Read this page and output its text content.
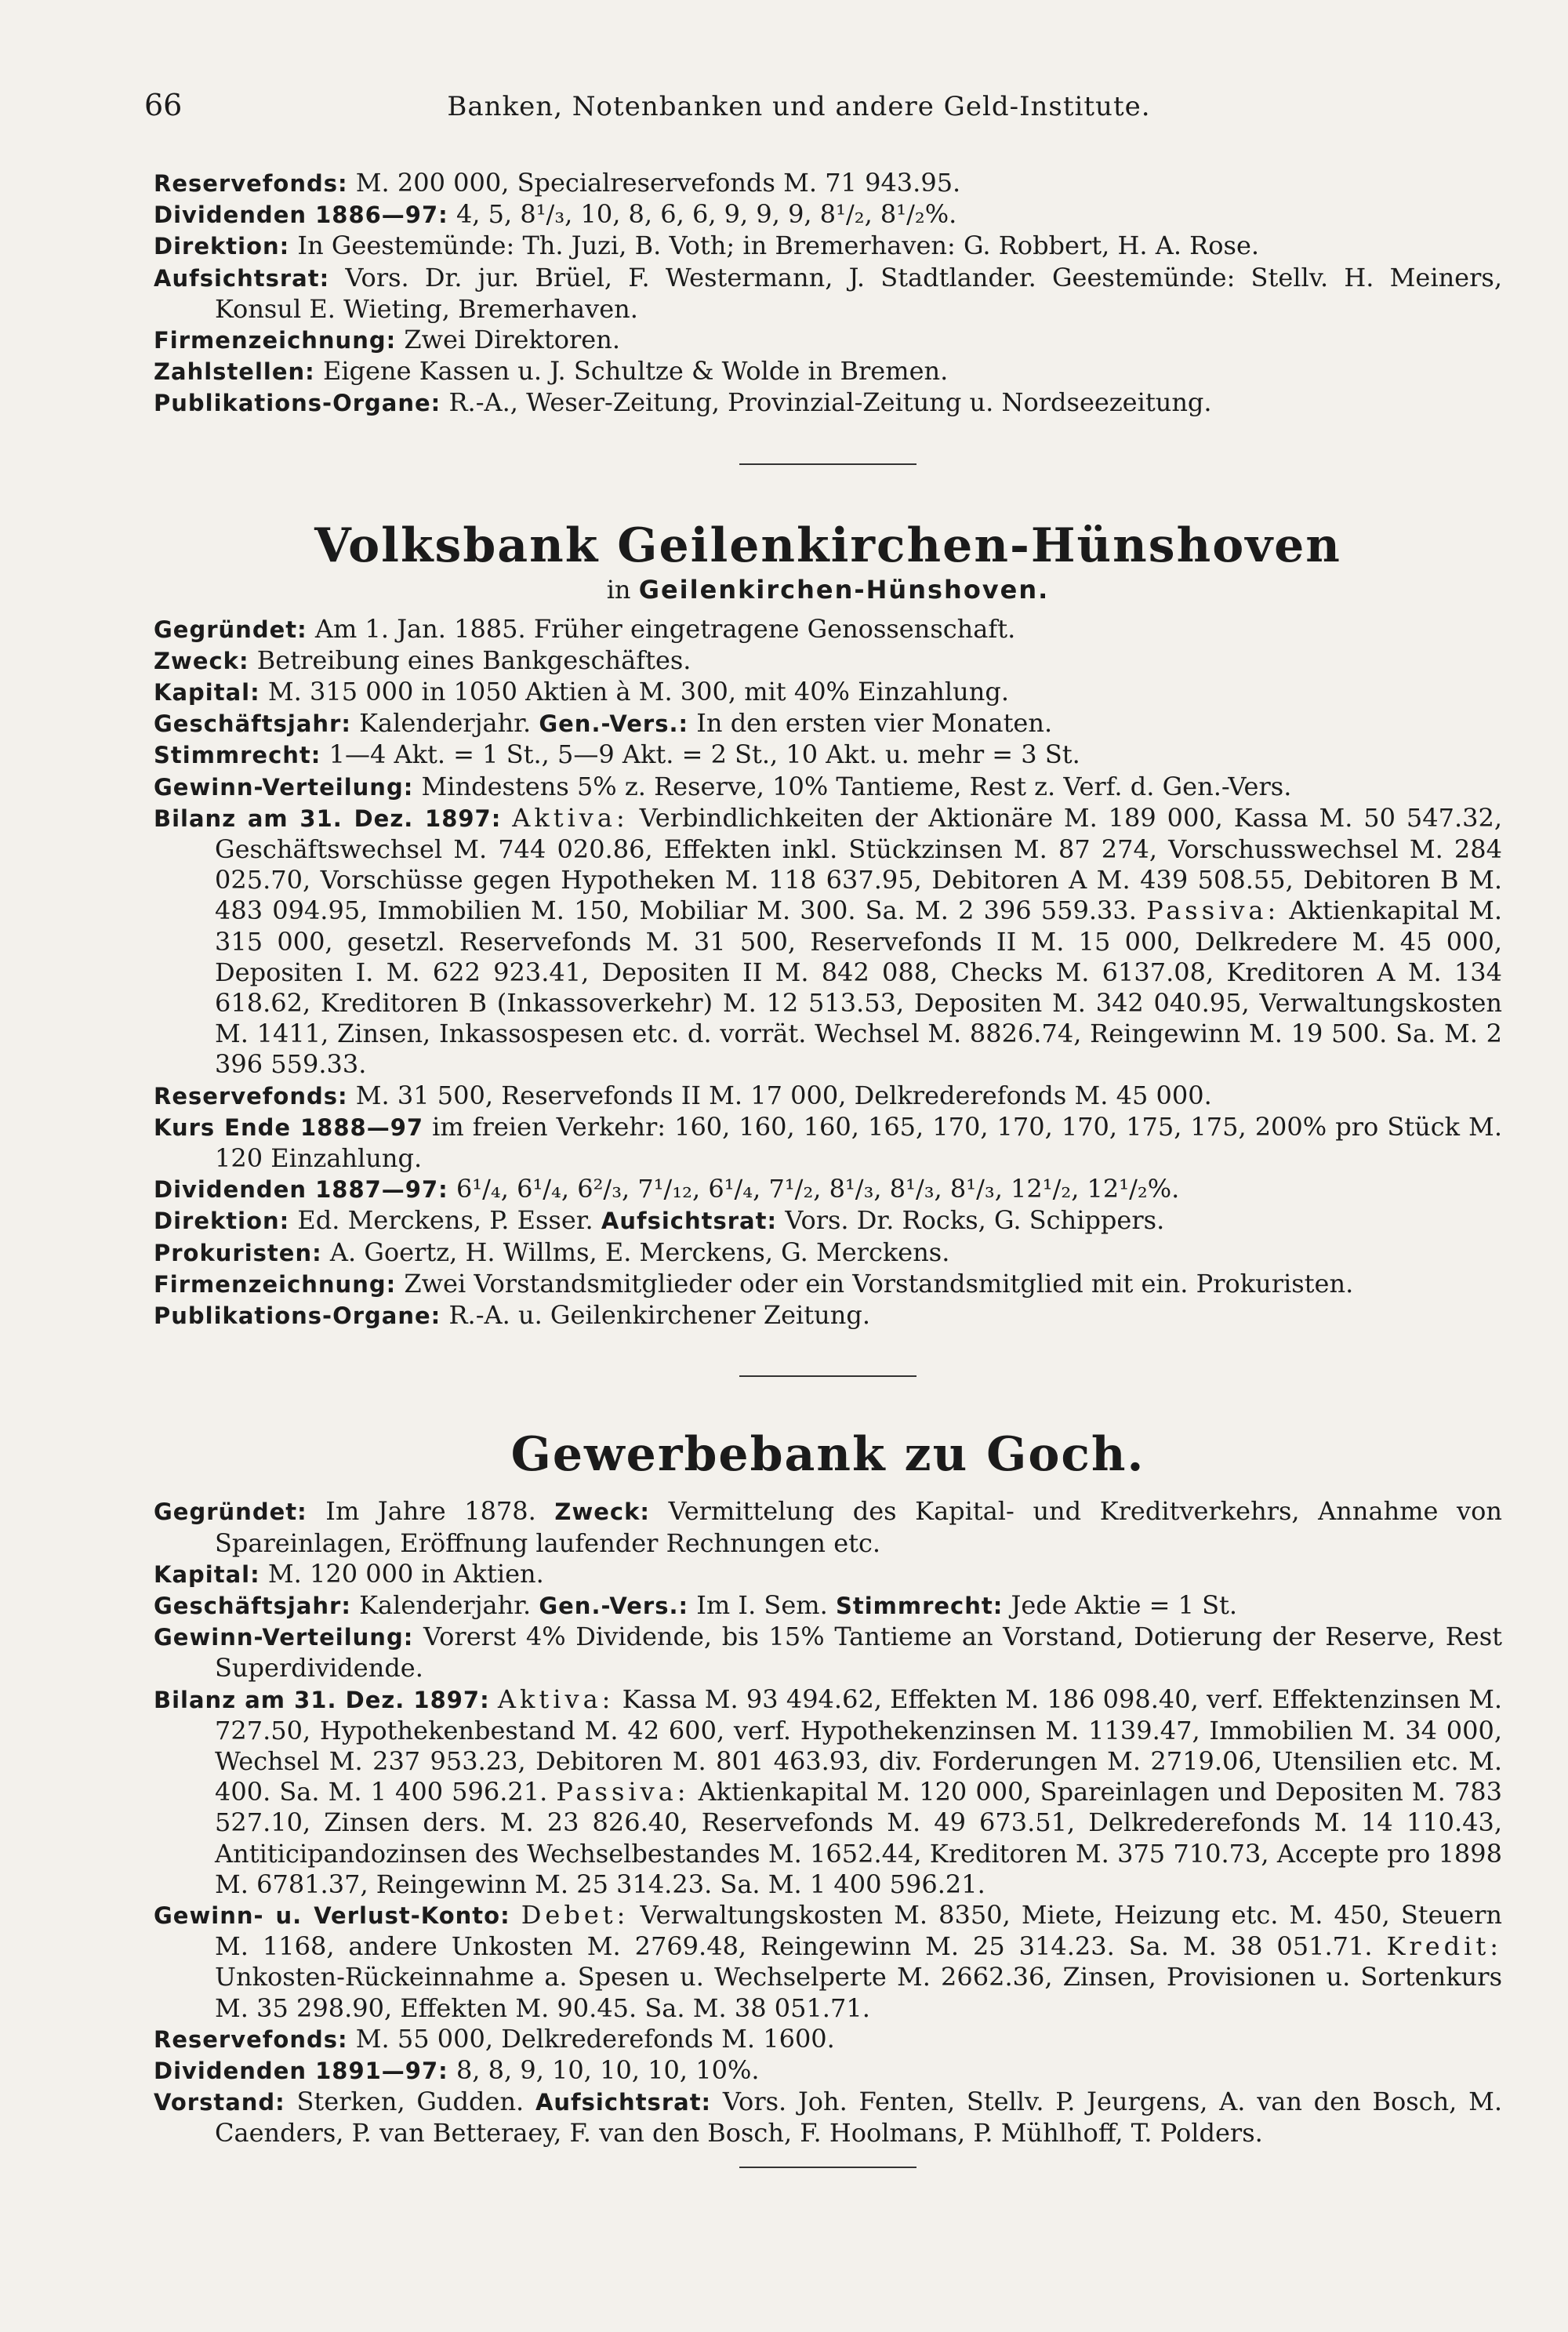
66	Banken, Notenbanken und andere Geld-Institute.

Reservefonds: M. 200 000, Specialreservefonds M. 71 943.95.

Dividenden 1886—97: 4, 5, 8¹/₃, 10, 8, 6, 6, 9, 9, 9, 8¹/₂, 8¹/₂%.

Direktion: In Geestemünde: Th. Juzi, B. Voth; in Bremerhaven: G. Robbert, H. A. Rose.

Aufsichtsrat: Vors. Dr. jur. Brüel, F. Westermann, J. Stadtlander. Geestemünde: Stellv. H. Meiners, Konsul E. Wieting, Bremerhaven.

Firmenzeichnung: Zwei Direktoren.

Zahlstellen: Eigene Kassen u. J. Schultze & Wolde in Bremen.

Publikations-Organe: R.-A., Weser-Zeitung, Provinzial-Zeitung u. Nordseezeitung.

Volksbank Geilenkirchen-Hünshoven

in Geilenkirchen-Hünshoven.

Gegründet: Am 1. Jan. 1885. Früher eingetragene Genossenschaft.

Zweck: Betreibung eines Bankgeschäftes.

Kapital: M. 315 000 in 1050 Aktien à M. 300, mit 40% Einzahlung.

Geschäftsjahr: Kalenderjahr. Gen.-Vers.: In den ersten vier Monaten.

Stimmrecht: 1—4 Akt. = 1 St., 5—9 Akt. = 2 St., 10 Akt. u. mehr = 3 St.

Gewinn-Verteilung: Mindestens 5% z. Reserve, 10% Tantieme, Rest z. Verf. d. Gen.-Vers.

Bilanz am 31. Dez. 1897: Aktiva: Verbindlichkeiten der Aktionäre M. 189 000, Kassa M. 50 547.32, Geschäftswechsel M. 744 020.86, Effekten inkl. Stückzinsen M. 87 274, Vorschusswechsel M. 284 025.70, Vorschüsse gegen Hypotheken M. 118 637.95, Debitoren A M. 439 508.55, Debitoren B M. 483 094.95, Immobilien M. 150, Mobiliar M. 300. Sa. M. 2 396 559.33. Passiva: Aktienkapital M. 315 000, gesetzl. Reservefonds M. 31 500, Reservefonds II M. 15 000, Delkredere M. 45 000, Depositen I. M. 622 923.41, Depositen II M. 842 088, Checks M. 6137.08, Kreditoren A M. 134 618.62, Kreditoren B (Inkassoverkehr) M. 12 513.53, Depositen M. 342 040.95, Verwaltungskosten M. 1411, Zinsen, Inkassospesen etc. d. vorrät. Wechsel M. 8826.74, Reingewinn M. 19 500. Sa. M. 2 396 559.33.

Reservefonds: M. 31 500, Reservefonds II M. 17 000, Delkrederefonds M. 45 000.

Kurs Ende 1888—97 im freien Verkehr: 160, 160, 160, 165, 170, 170, 170, 175, 175, 200% pro Stück M. 120 Einzahlung.

Dividenden 1887—97: 6¹/₄, 6¹/₄, 6²/₃, 7¹/₁₂, 6¹/₄, 7¹/₂, 8¹/₃, 8¹/₃, 8¹/₃, 12¹/₂, 12¹/₂%.

Direktion: Ed. Merckens, P. Esser. Aufsichtsrat: Vors. Dr. Rocks, G. Schippers.

Prokuristen: A. Goertz, H. Willms, E. Merckens, G. Merckens.

Firmenzeichnung: Zwei Vorstandsmitglieder oder ein Vorstandsmitglied mit ein. Prokuristen.

Publikations-Organe: R.-A. u. Geilenkirchener Zeitung.

Gewerbebank zu Goch.

Gegründet: Im Jahre 1878. Zweck: Vermittelung des Kapital- und Kreditverkehrs, Annahme von Spareinlagen, Eröffnung laufender Rechnungen etc.

Kapital: M. 120 000 in Aktien.

Geschäftsjahr: Kalenderjahr. Gen.-Vers.: Im I. Sem. Stimmrecht: Jede Aktie = 1 St.

Gewinn-Verteilung: Vorerst 4% Dividende, bis 15% Tantieme an Vorstand, Dotierung der Reserve, Rest Superdividende.

Bilanz am 31. Dez. 1897: Aktiva: Kassa M. 93 494.62, Effekten M. 186 098.40, verf. Effektenzinsen M. 727.50, Hypothekenbestand M. 42 600, verf. Hypothekenzinsen M. 1139.47, Immobilien M. 34 000, Wechsel M. 237 953.23, Debitoren M. 801 463.93, div. Forderungen M. 2719.06, Utensilien etc. M. 400. Sa. M. 1 400 596.21. Passiva: Aktienkapital M. 120 000, Spareinlagen und Depositen M. 783 527.10, Zinsen ders. M. 23 826.40, Reservefonds M. 49 673.51, Delkrederefonds M. 14 110.43, Antiticipandozinsen des Wechselbestandes M. 1652.44, Kreditoren M. 375 710.73, Accepte pro 1898 M. 6781.37, Reingewinn M. 25 314.23. Sa. M. 1 400 596.21.

Gewinn- u. Verlust-Konto: Debet: Verwaltungskosten M. 8350, Miete, Heizung etc. M. 450, Steuern M. 1168, andere Unkosten M. 2769.48, Reingewinn M. 25 314.23. Sa. M. 38 051.71. Kredit: Unkosten-Rückeinnahme a. Spesen u. Wechselperte M. 2662.36, Zinsen, Provisionen u. Sortenkurs M. 35 298.90, Effekten M. 90.45. Sa. M. 38 051.71.

Reservefonds: M. 55 000, Delkrederefonds M. 1600.

Dividenden 1891—97: 8, 8, 9, 10, 10, 10, 10%.

Vorstand: Sterken, Gudden. Aufsichtsrat: Vors. Joh. Fenten, Stellv. P. Jeurgens, A. van den Bosch, M. Caenders, P. van Betteraey, F. van den Bosch, F. Hoolmans, P. Mühlhoff, T. Polders.
